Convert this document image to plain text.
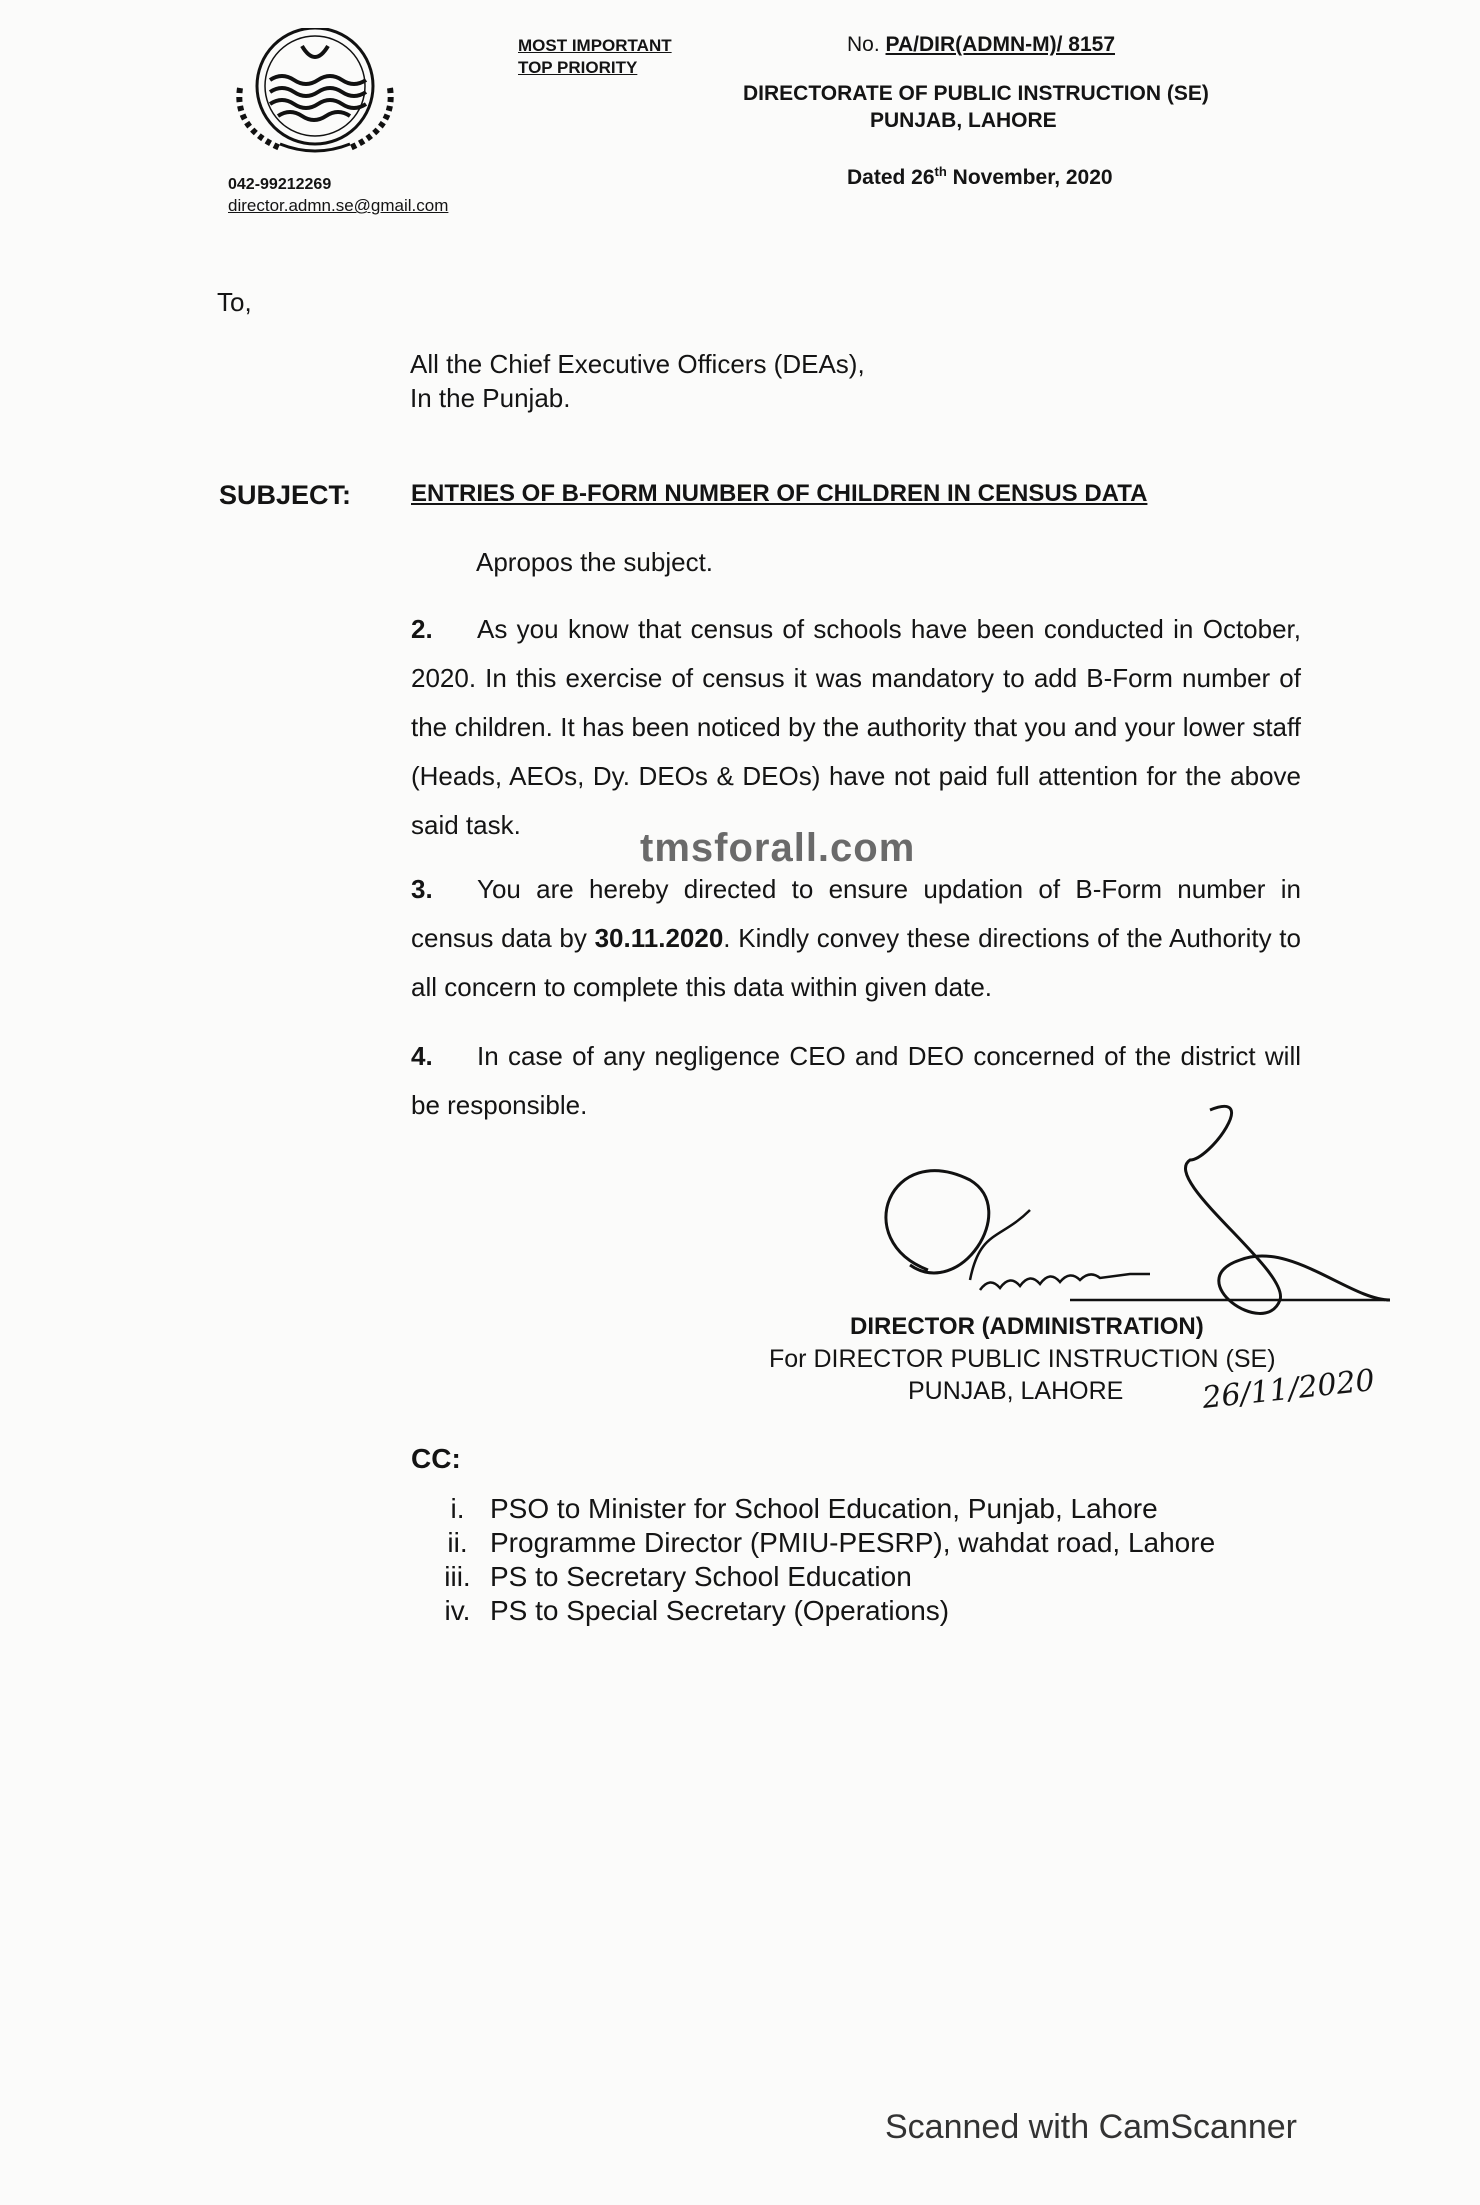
MOST IMPORTANT
TOP PRIORITY
No. PA/DIR(ADMN-M)/ 8157
DIRECTORATE OF PUBLIC INSTRUCTION (SE)
PUNJAB, LAHORE
Dated 26th November, 2020
042-99212269
director.admn.se@gmail.com
To,
All the Chief Executive Officers (DEAs),
In the Punjab.
SUBJECT: ENTRIES OF B-FORM NUMBER OF CHILDREN IN CENSUS DATA
Apropos the subject.
2. As you know that census of schools have been conducted in October, 2020. In this exercise of census it was mandatory to add B-Form number of the children. It has been noticed by the authority that you and your lower staff (Heads, AEOs, Dy. DEOs & DEOs) have not paid full attention for the above said task.
3. You are hereby directed to ensure updation of B-Form number in census data by 30.11.2020. Kindly convey these directions of the Authority to all concern to complete this data within given date.
4. In case of any negligence CEO and DEO concerned of the district will be responsible.
tmsforall.com
DIRECTOR (ADMINISTRATION)
For DIRECTOR PUBLIC INSTRUCTION (SE)
PUNJAB, LAHORE	26/11/2020
CC:
i. PSO to Minister for School Education, Punjab, Lahore
ii. Programme Director (PMIU-PESRP), wahdat road, Lahore
iii. PS to Secretary School Education
iv. PS to Special Secretary (Operations)
Scanned with CamScanner
